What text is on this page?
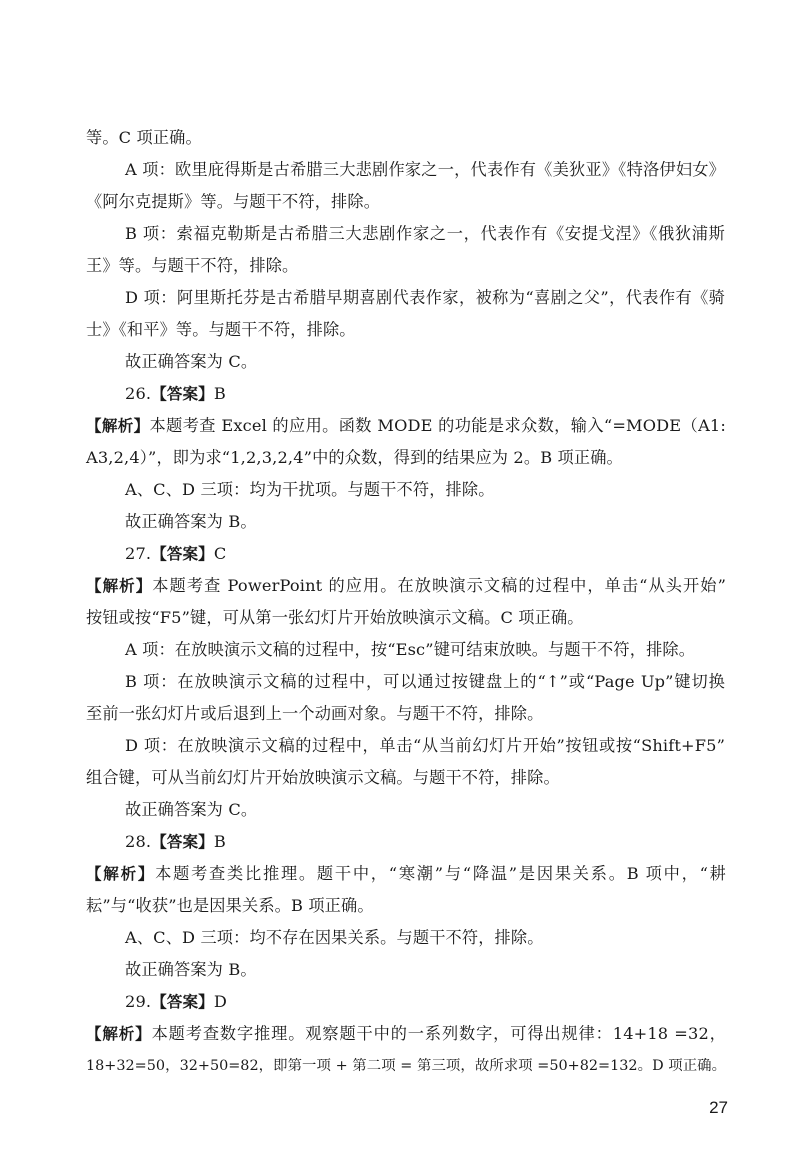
等。C 项正确。
A 项：欧里庇得斯是古希腊三大悲剧作家之一，代表作有《美狄亚》《特洛伊妇女》
《阿尔克提斯》等。与题干不符，排除。
B 项：索福克勒斯是古希腊三大悲剧作家之一，代表作有《安提戈涅》《俄狄浦斯
王》等。与题干不符，排除。
D 项：阿里斯托芬是古希腊早期喜剧代表作家，被称为“喜剧之父”，代表作有《骑
士》《和平》等。与题干不符，排除。
故正确答案为 C。
26.【答案】B
【解析】本题考查 Excel 的应用。函数 MODE 的功能是求众数，输入“=MODE（A1:
A3,2,4）”，即为求“1,2,3,2,4”中的众数，得到的结果应为 2。B 项正确。
A、C、D 三项：均为干扰项。与题干不符，排除。
故正确答案为 B。
27.【答案】C
【解析】本题考查 PowerPoint 的应用。在放映演示文稿的过程中，单击“从头开始”
按钮或按“F5”键，可从第一张幻灯片开始放映演示文稿。C 项正确。
A 项：在放映演示文稿的过程中，按“Esc”键可结束放映。与题干不符，排除。
B 项：在放映演示文稿的过程中，可以通过按键盘上的“↑”或“Page Up”键切换
至前一张幻灯片或后退到上一个动画对象。与题干不符，排除。
D 项：在放映演示文稿的过程中，单击“从当前幻灯片开始”按钮或按“Shift+F5”
组合键，可从当前幻灯片开始放映演示文稿。与题干不符，排除。
故正确答案为 C。
28.【答案】B
【解析】本题考查类比推理。题干中，“寒潮”与“降温”是因果关系。B 项中，“耕
耘”与“收获”也是因果关系。B 项正确。
A、C、D 三项：均不存在因果关系。与题干不符，排除。
故正确答案为 B。
29.【答案】D
【解析】本题考查数字推理。观察题干中的一系列数字，可得出规律：14+18 =32，
18+32=50，32+50=82，即第一项 + 第二项 = 第三项，故所求项 =50+82=132。D 项正确。
27
